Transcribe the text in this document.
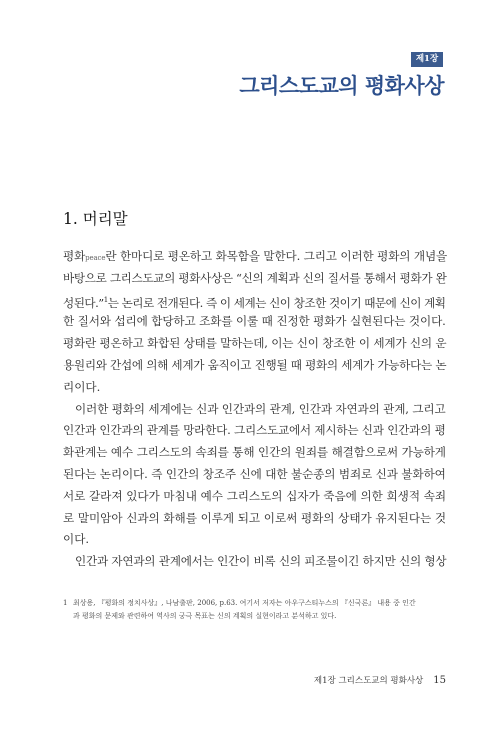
제1장
그리스도교의 평화사상
1. 머리말
평화peace란 한마디로 평온하고 화목함을 말한다. 그리고 이러한 평화의 개념을
바탕으로 그리스도교의 평화사상은 “신의 계획과 신의 질서를 통해서 평화가 완
성된다.”$^1$는 논리로 전개된다. 즉 이 세계는 신이 창조한 것이기 때문에 신이 계획
한 질서와 섭리에 합당하고 조화를 이룰 때 진정한 평화가 실현된다는 것이다.
평화란 평온하고 화합된 상태를 말하는데, 이는 신이 창조한 이 세계가 신의 운
용원리와 간섭에 의해 세계가 움직이고 진행될 때 평화의 세계가 가능하다는 논
리이다.
이러한 평화의 세계에는 신과 인간과의 관계, 인간과 자연과의 관계, 그리고
인간과 인간과의 관계를 망라한다. 그리스도교에서 제시하는 신과 인간과의 평
화관계는 예수 그리스도의 속죄를 통해 인간의 원죄를 해결함으로써 가능하게
된다는 논리이다. 즉 인간의 창조주 신에 대한 불순종의 범죄로 신과 불화하여
서로 갈라져 있다가 마침내 예수 그리스도의 십자가 죽음에 의한 희생적 속죄
로 말미암아 신과의 화해를 이루게 되고 이로써 평화의 상태가 유지된다는 것
이다.
인간과 자연과의 관계에서는 인간이 비록 신의 피조물이긴 하지만 신의 형상
1 최상용, 『평화의 정치사상』, 나남출판, 2006, p.63. 여기서 저자는 아우구스티누스의 『신국론』 내용 중 인간
과 평화의 문제와 관련하여 역사의 궁극 목표는 신의 계획의 실현이라고 분석하고 있다.
제1장 그리스도교의 평화사상 15
